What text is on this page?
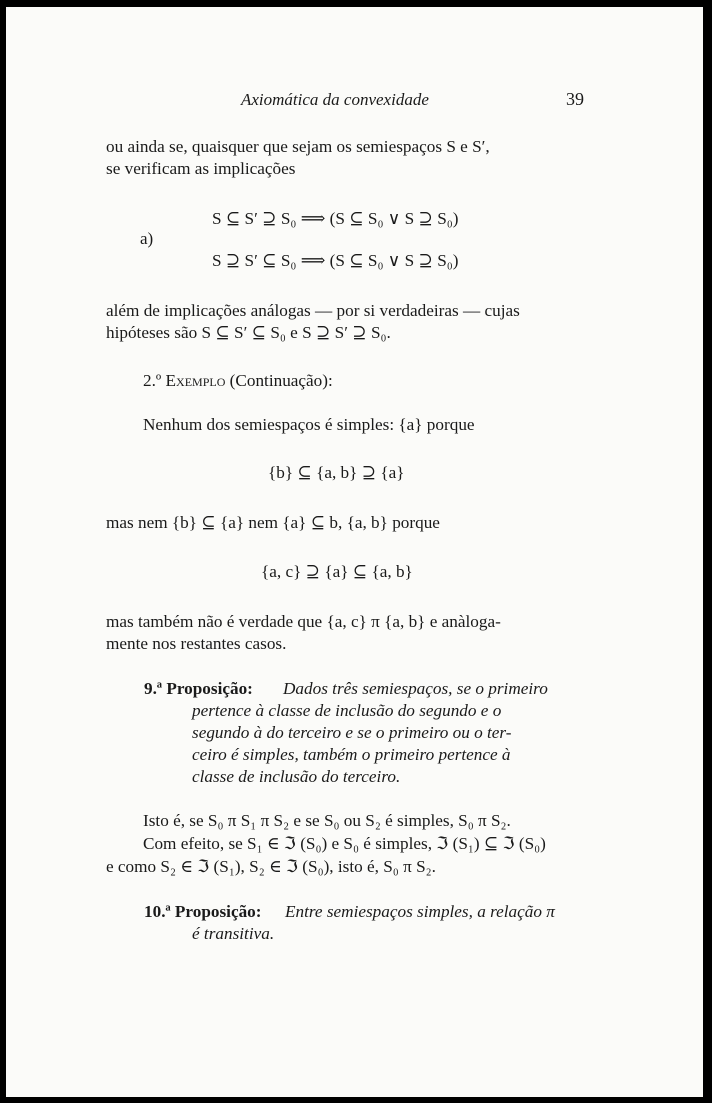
Axiomática da convexidade	39
ou ainda se, quaisquer que sejam os semiespaços S e S′,
se verificam as implicações
a)
S ⊆ S′ ⊇ S₀ ⟹ (S ⊆ S₀ ∨ S ⊇ S₀)
S ⊇ S′ ⊆ S₀ ⟹ (S ⊆ S₀ ∨ S ⊇ S₀)
além de implicações análogas — por si verdadeiras — cujas
hipóteses são S ⊆ S′ ⊆ S₀ e S ⊇ S′ ⊇ S₀.
2.º Exemplo (Continuação):
Nenhum dos semiespaços é simples: {a} porque
{b} ⊆ {a, b} ⊇ {a}
mas nem {b} ⊆ {a} nem {a} ⊆ b, {a, b} porque
{a, c} ⊇ {a} ⊆ {a, b}
mas também não é verdade que {a, c} π {a, b} e anàloga-
mente nos restantes casos.
9.ª Proposição: Dados três semiespaços, se o primeiro
pertence à classe de inclusão do segundo e o
segundo à do terceiro e se o primeiro ou o ter-
ceiro é simples, também o primeiro pertence à
classe de inclusão do terceiro.
Isto é, se S₀ π S₁ π S₂ e se S₀ ou S₂ é simples, S₀ π S₂.
Com efeito, se S₁ ∈ ℑ (S₀) e S₀ é simples, ℑ (S₁) ⊆ ℑ (S₀)
e como S₂ ∈ ℑ (S₁), S₂ ∈ ℑ (S₀), isto é, S₀ π S₂.
10.ª Proposição: Entre semiespaços simples, a relação π
é transitiva.
